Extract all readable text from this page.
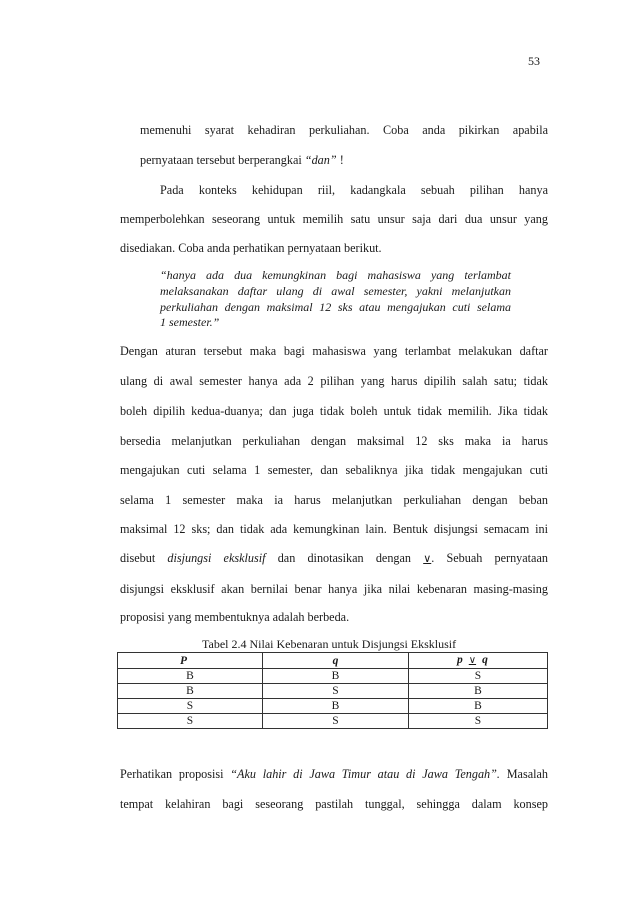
53
memenuhi syarat kehadiran perkuliahan. Coba anda pikirkan apabila
pernyataan tersebut berperangkai “dan” !
Pada konteks kehidupan riil, kadangkala sebuah pilihan hanya
memperbolehkan seseorang untuk memilih satu unsur saja dari dua unsur yang
disediakan. Coba anda perhatikan pernyataan berikut.
“hanya ada dua kemungkinan bagi mahasiswa yang terlambat
melaksanakan daftar ulang di awal semester, yakni melanjutkan
perkuliahan dengan maksimal 12 sks atau mengajukan cuti selama
1 semester.”
Dengan aturan tersebut maka bagi mahasiswa yang terlambat melakukan daftar
ulang di awal semester hanya ada 2 pilihan yang harus dipilih salah satu; tidak
boleh dipilih kedua-duanya; dan juga tidak boleh untuk tidak memilih. Jika tidak
bersedia melanjutkan perkuliahan dengan maksimal 12 sks maka ia harus
mengajukan cuti selama 1 semester, dan sebaliknya jika tidak mengajukan cuti
selama 1 semester maka ia harus melanjutkan perkuliahan dengan beban
maksimal 12 sks; dan tidak ada kemungkinan lain. Bentuk disjungsi semacam ini
disebut disjungsi eksklusif dan dinotasikan dengan ∨. Sebuah pernyataan
disjungsi eksklusif akan bernilai benar hanya jika nilai kebenaran masing-masing
proposisi yang membentuknya adalah berbeda.
Tabel 2.4 Nilai Kebenaran untuk Disjungsi Eksklusif
P	q	p ∨ q
B	B	S
B	S	B
S	B	B
S	S	S
Perhatikan proposisi “Aku lahir di Jawa Timur atau di Jawa Tengah”. Masalah
tempat kelahiran bagi seseorang pastilah tunggal, sehingga dalam konsep
